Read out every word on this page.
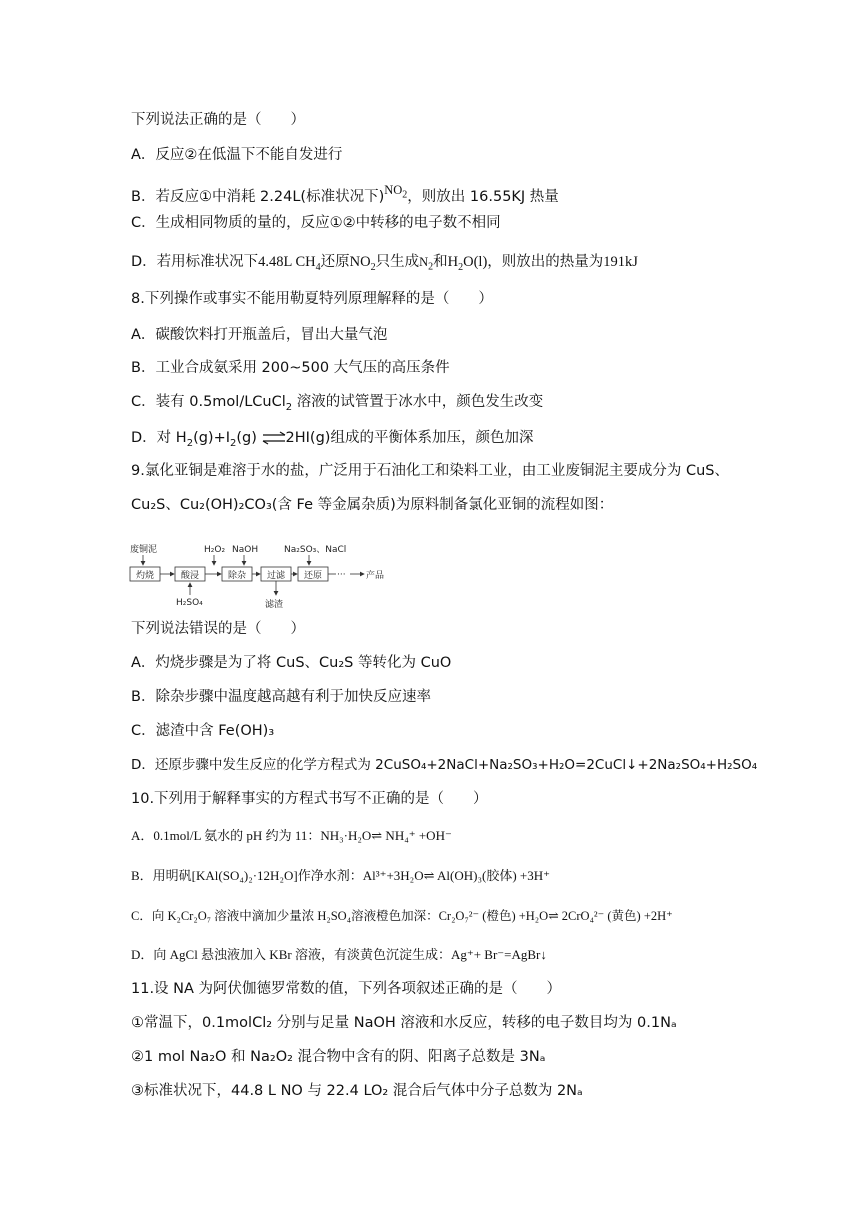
下列说法正确的是（　　）
A．反应②在低温下不能自发进行
B．若反应①中消耗 2.24L(标准状况下)$NO_2$，则放出 16.55KJ 热量
C．生成相同物质的量的，反应①②中转移的电子数不相同
D．若用标准状况下4.48L $CH_4$还原$NO_2$只生成$N_2$和$H_2O(l)$，则放出的热量为191kJ
8.下列操作或事实不能用勒夏特列原理解释的是（　　）
A．碳酸饮料打开瓶盖后，冒出大量气泡
B．工业合成氨采用 200~500 大气压的高压条件
C．装有 0.5mol/LCuCl$_2$ 溶液的试管置于冰水中，颜色发生改变
D．对 $H_2(g)+I_2(g)$ ⇌2HI(g)组成的平衡体系加压，颜色加深
9.氯化亚铜是难溶于水的盐，广泛用于石油化工和染料工业，由工业废铜泥主要成分为 CuS、
Cu₂S、Cu₂(OH)₂CO₃(含 Fe 等金属杂质)为原料制备氯化亚铜的流程如图：
废铜泥	H₂O₂ NaOH	Na₂SO₃、NaCl
灼烧	酸浸	除杂 过滤 还原 ··· 产品
H₂SO₄	滤渣
下列说法错误的是（　　）
A．灼烧步骤是为了将 CuS、Cu₂S 等转化为 CuO
B．除杂步骤中温度越高越有利于加快反应速率
C．滤渣中含 Fe(OH)₃
D．还原步骤中发生反应的化学方程式为 2CuSO₄+2NaCl+Na₂SO₃+H₂O=2CuCl↓+2Na₂SO₄+H₂SO₄
10.下列用于解释事实的方程式书写不正确的是（　　）
A．0.1mol/L 氨水的 pH 约为 11：NH₃·H₂O⇌ NH₄⁺ +OH⁻
B．用明矾[KAl(SO₄)₂·12H₂O]作净水剂：Al³⁺+3H₂O⇌ Al(OH)₃(胶体) +3H⁺
C．向 K₂Cr₂O₇ 溶液中滴加少量浓 H₂SO₄溶液橙色加深：Cr₂O₇²⁻ (橙色) +H₂O⇌ 2CrO₄²⁻ (黄色) +2H⁺
D．向 AgCl 悬浊液加入 KBr 溶液，有淡黄色沉淀生成：Ag⁺+ Br⁻=AgBr↓
11.设 NA 为阿伏伽德罗常数的值，下列各项叙述正确的是（　　）
①常温下，0.1molCl₂ 分别与足量 NaOH 溶液和水反应，转移的电子数目均为 0.1Nₐ
②1 mol Na₂O 和 Na₂O₂ 混合物中含有的阴、阳离子总数是 3Nₐ
③标准状况下，44.8 L NO 与 22.4 LO₂ 混合后气体中分子总数为 2Nₐ
